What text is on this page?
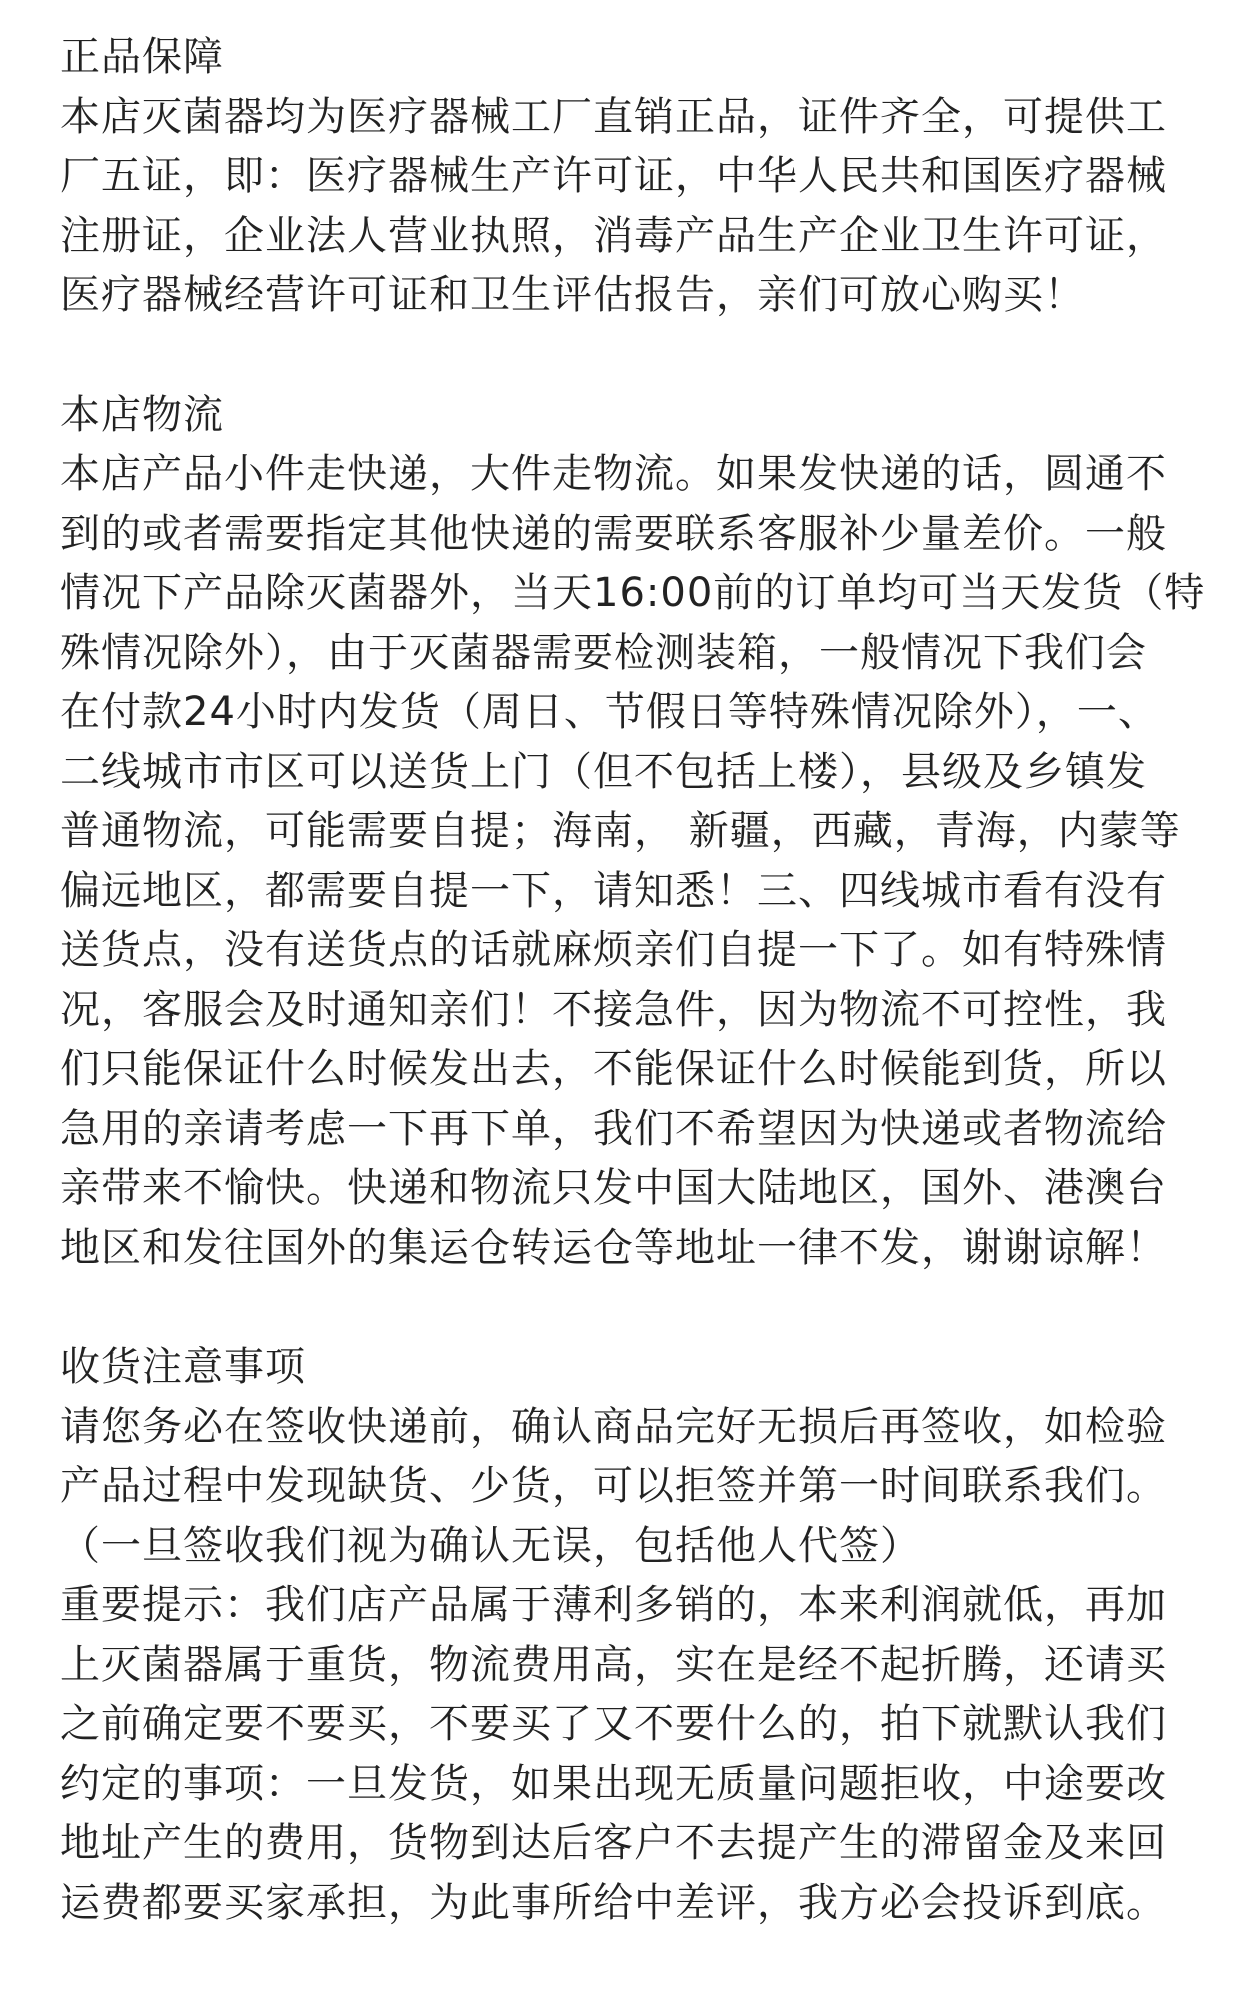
正品保障
本店灭菌器均为医疗器械工厂直销正品，证件齐全，可提供工
厂五证，即：医疗器械生产许可证，中华人民共和国医疗器械
注册证，企业法人营业执照，消毒产品生产企业卫生许可证，
医疗器械经营许可证和卫生评估报告，亲们可放心购买！
本店物流
本店产品小件走快递，大件走物流。如果发快递的话，圆通不
到的或者需要指定其他快递的需要联系客服补少量差价。一般
情况下产品除灭菌器外，当天16:00前的订单均可当天发货（特
殊情况除外），由于灭菌器需要检测装箱，一般情况下我们会
在付款24小时内发货（周日、节假日等特殊情况除外），一、
二线城市市区可以送货上门（但不包括上楼），县级及乡镇发
普通物流，可能需要自提；海南， 新疆，西藏，青海，内蒙等
偏远地区，都需要自提一下，请知悉！三、四线城市看有没有
送货点，没有送货点的话就麻烦亲们自提一下了。如有特殊情
况，客服会及时通知亲们！不接急件，因为物流不可控性，我
们只能保证什么时候发出去，不能保证什么时候能到货，所以
急用的亲请考虑一下再下单，我们不希望因为快递或者物流给
亲带来不愉快。快递和物流只发中国大陆地区，国外、港澳台
地区和发往国外的集运仓转运仓等地址一律不发，谢谢谅解！
收货注意事项
请您务必在签收快递前，确认商品完好无损后再签收，如检验
产品过程中发现缺货、少货，可以拒签并第一时间联系我们。
（一旦签收我们视为确认无误，包括他人代签）
重要提示：我们店产品属于薄利多销的，本来利润就低，再加
上灭菌器属于重货，物流费用高，实在是经不起折腾，还请买
之前确定要不要买，不要买了又不要什么的，拍下就默认我们
约定的事项：一旦发货，如果出现无质量问题拒收，中途要改
地址产生的费用，货物到达后客户不去提产生的滞留金及来回
运费都要买家承担，为此事所给中差评，我方必会投诉到底。
